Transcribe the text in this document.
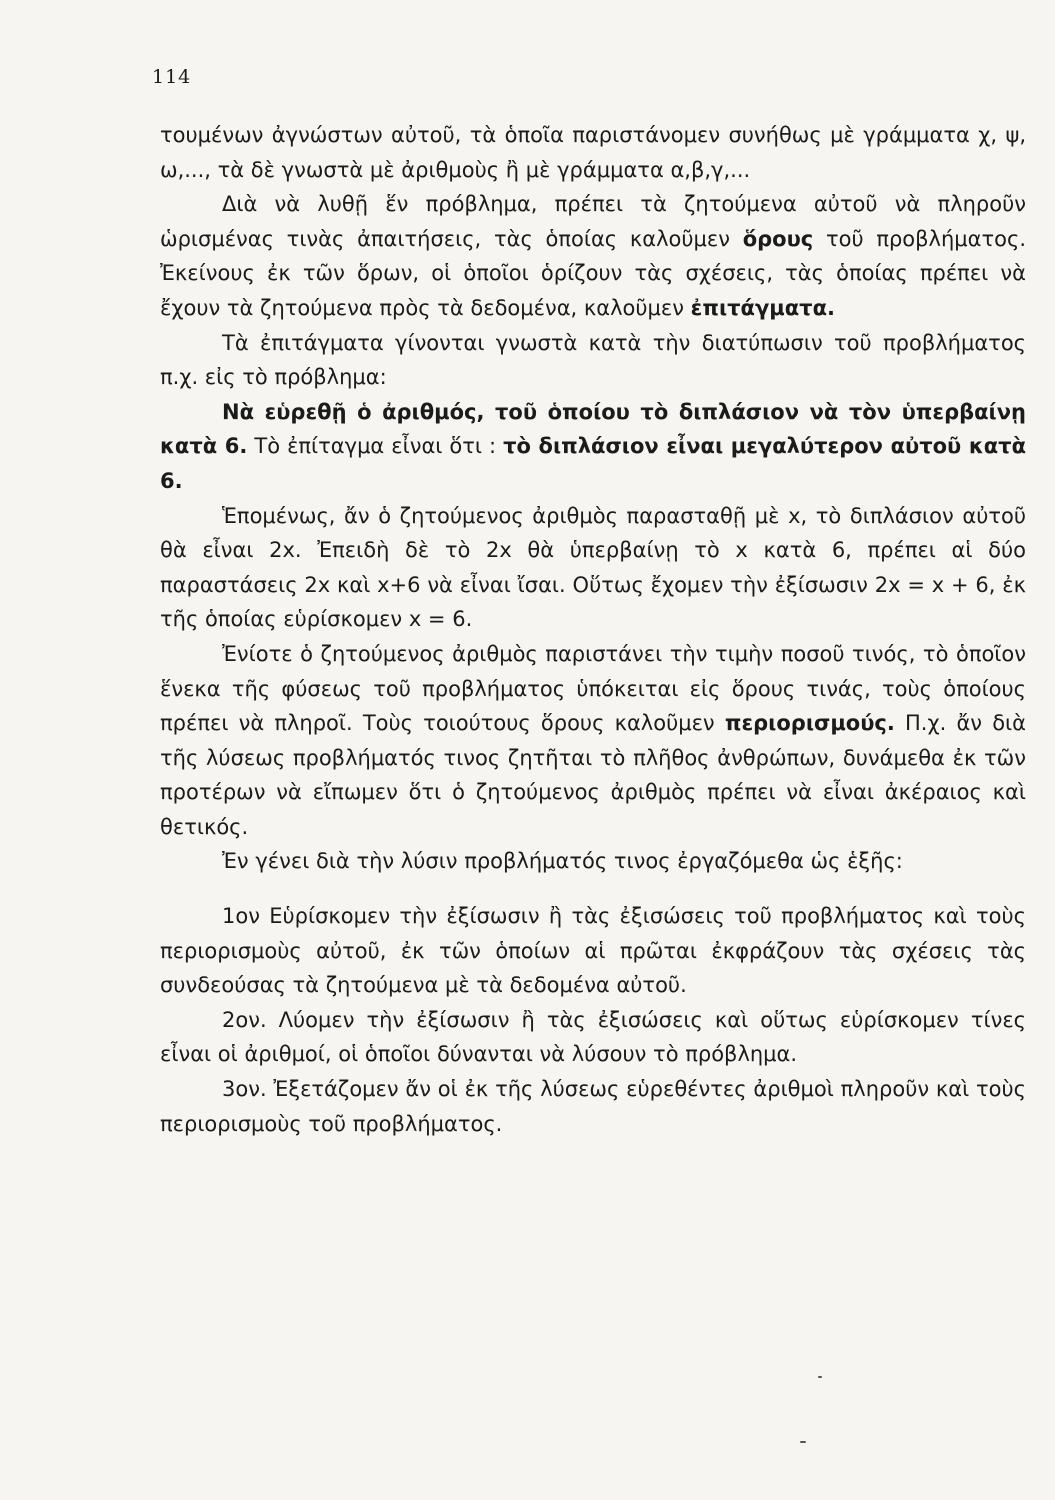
114

τουμένων ἀγνώστων αὐτοῦ, τὰ ὁποῖα παριστάνομεν συνήθως μὲ γράμματα χ, ψ, ω,..., τὰ δὲ γνωστὰ μὲ ἀριθμοὺς ἢ μὲ γράμματα α,β,γ,...

Διὰ νὰ λυθῇ ἕν πρόβλημα, πρέπει τὰ ζητούμενα αὐτοῦ νὰ πληροῦν ὡρισμένας τινὰς ἀπαιτήσεις, τὰς ὁποίας καλοῦμεν ὅρους τοῦ προβλήματος. Ἐκείνους ἐκ τῶν ὅρων, οἱ ὁποῖοι ὁρίζουν τὰς σχέσεις, τὰς ὁποίας πρέπει νὰ ἔχουν τὰ ζητούμενα πρὸς τὰ δεδομένα, καλοῦμεν ἐπιτάγματα.

Τὰ ἐπιτάγματα γίνονται γνωστὰ κατὰ τὴν διατύπωσιν τοῦ προβλήματος π.χ. εἰς τὸ πρόβλημα:

Νὰ εὑρεθῇ ὁ ἀριθμός, τοῦ ὁποίου τὸ διπλάσιον νὰ τὸν ὑπερβαίνῃ κατὰ 6. Τὸ ἐπίταγμα εἶναι ὅτι : τὸ διπλάσιον εἶναι μεγαλύτερον αὐτοῦ κατὰ 6.

Ἑπομένως, ἄν ὁ ζητούμενος ἀριθμὸς παρασταθῇ μὲ x, τὸ διπλάσιον αὐτοῦ θὰ εἶναι 2x. Ἐπειδὴ δὲ τὸ 2x θὰ ὑπερβαίνῃ τὸ x κατὰ 6, πρέπει αἱ δύο παραστάσεις 2x καὶ x+6 νὰ εἶναι ἴσαι. Οὕτως ἔχομεν τὴν ἐξίσωσιν 2x = x + 6, ἐκ τῆς ὁποίας εὑρίσκομεν x = 6.

Ἐνίοτε ὁ ζητούμενος ἀριθμὸς παριστάνει τὴν τιμὴν ποσοῦ τινός, τὸ ὁποῖον ἕνεκα τῆς φύσεως τοῦ προβλήματος ὑπόκειται εἰς ὅρους τινάς, τοὺς ὁποίους πρέπει νὰ πληροῖ. Τοὺς τοιούτους ὅρους καλοῦμεν περιορισμούς. Π.χ. ἄν διὰ τῆς λύσεως προβλήματός τινος ζητῆται τὸ πλῆθος ἀνθρώπων, δυνάμεθα ἐκ τῶν προτέρων νὰ εἴπωμεν ὅτι ὁ ζητούμενος ἀριθμὸς πρέπει νὰ εἶναι ἀκέραιος καὶ θετικός.

Ἐν γένει διὰ τὴν λύσιν προβλήματός τινος ἐργαζόμεθα ὡς ἑξῆς:

1ον Εὑρίσκομεν τὴν ἐξίσωσιν ἢ τὰς ἐξισώσεις τοῦ προβλήματος καὶ τοὺς περιορισμοὺς αὐτοῦ, ἐκ τῶν ὁποίων αἱ πρῶται ἐκφράζουν τὰς σχέσεις τὰς συνδεούσας τὰ ζητούμενα μὲ τὰ δεδομένα αὐτοῦ.

2ον. Λύομεν τὴν ἐξίσωσιν ἢ τὰς ἐξισώσεις καὶ οὕτως εὑρίσκομεν τίνες εἶναι οἱ ἀριθμοί, οἱ ὁποῖοι δύνανται νὰ λύσουν τὸ πρόβλημα.

3ον. Ἐξετάζομεν ἄν οἱ ἐκ τῆς λύσεως εὑρεθέντες ἀριθμοὶ πληροῦν καὶ τοὺς περιορισμοὺς τοῦ προβλήματος.
